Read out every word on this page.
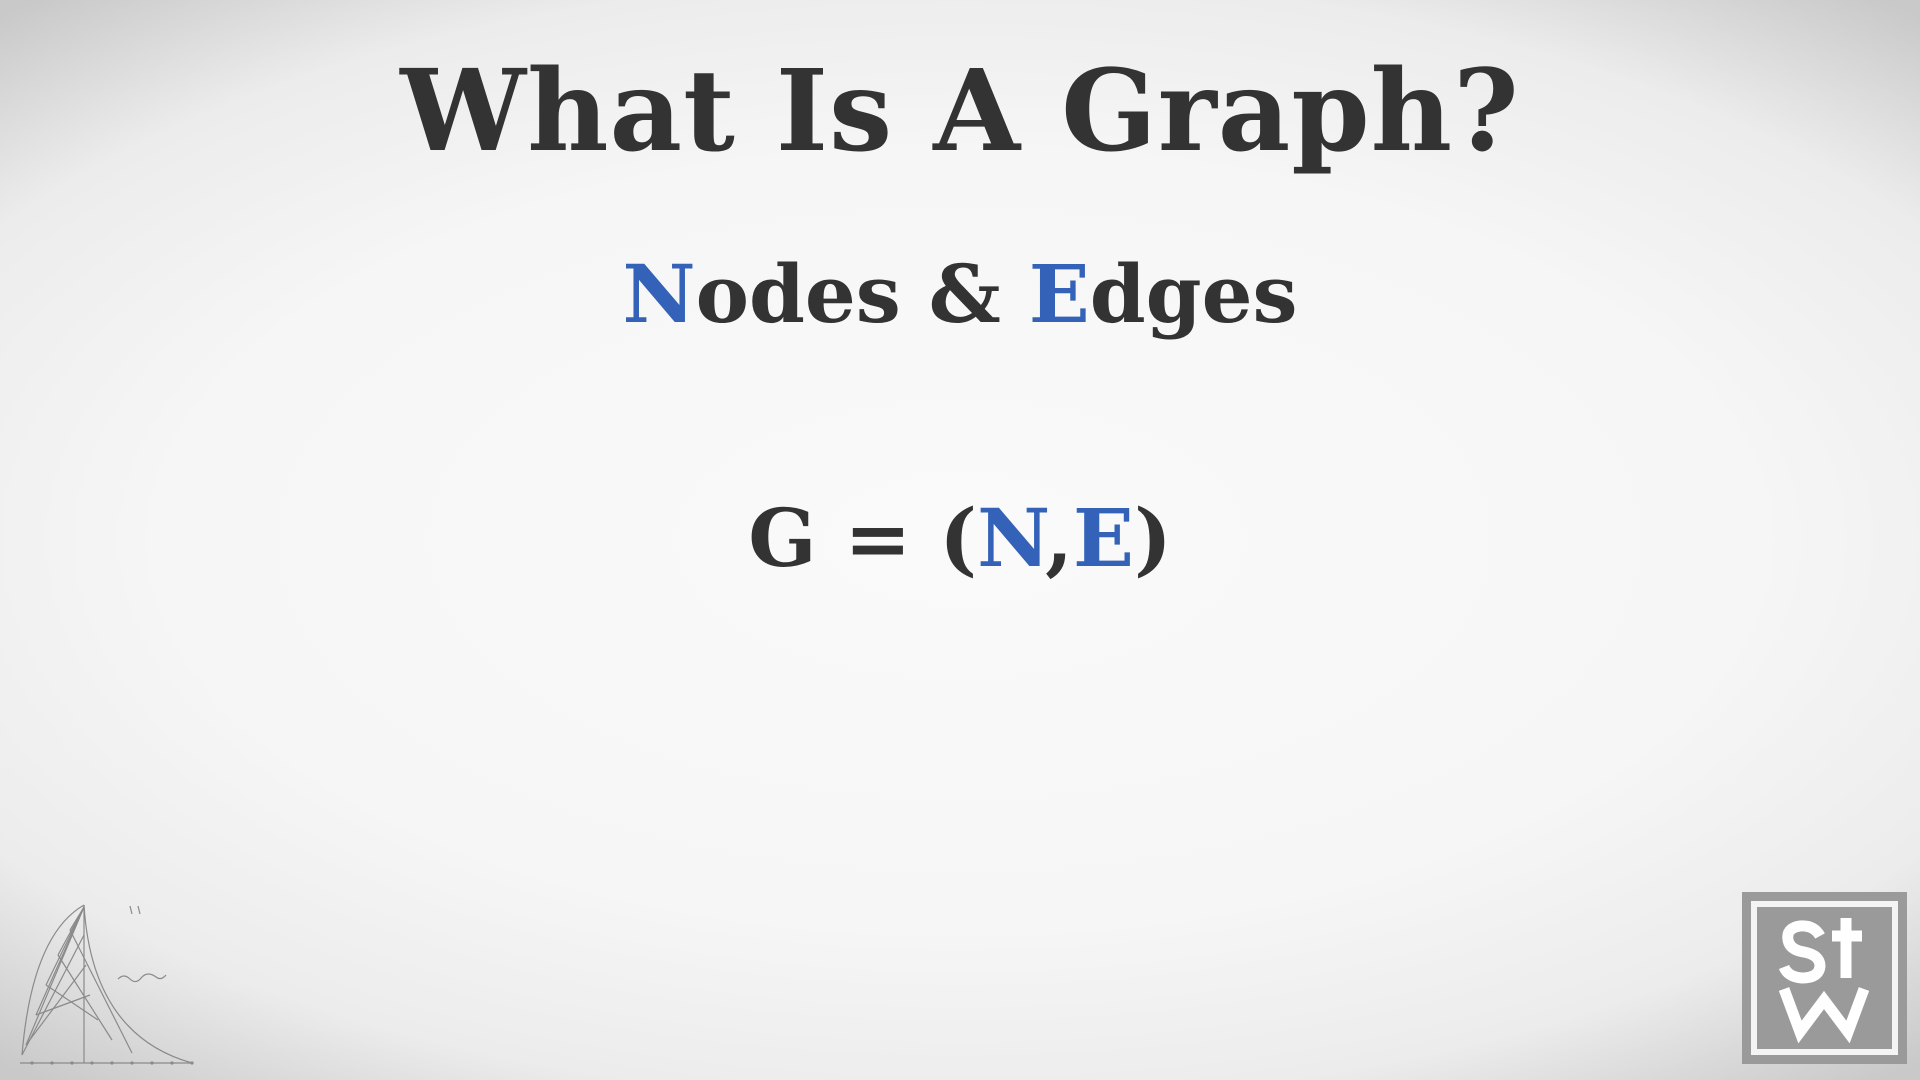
What Is A Graph?
Nodes & Edges
G = (N,E)
